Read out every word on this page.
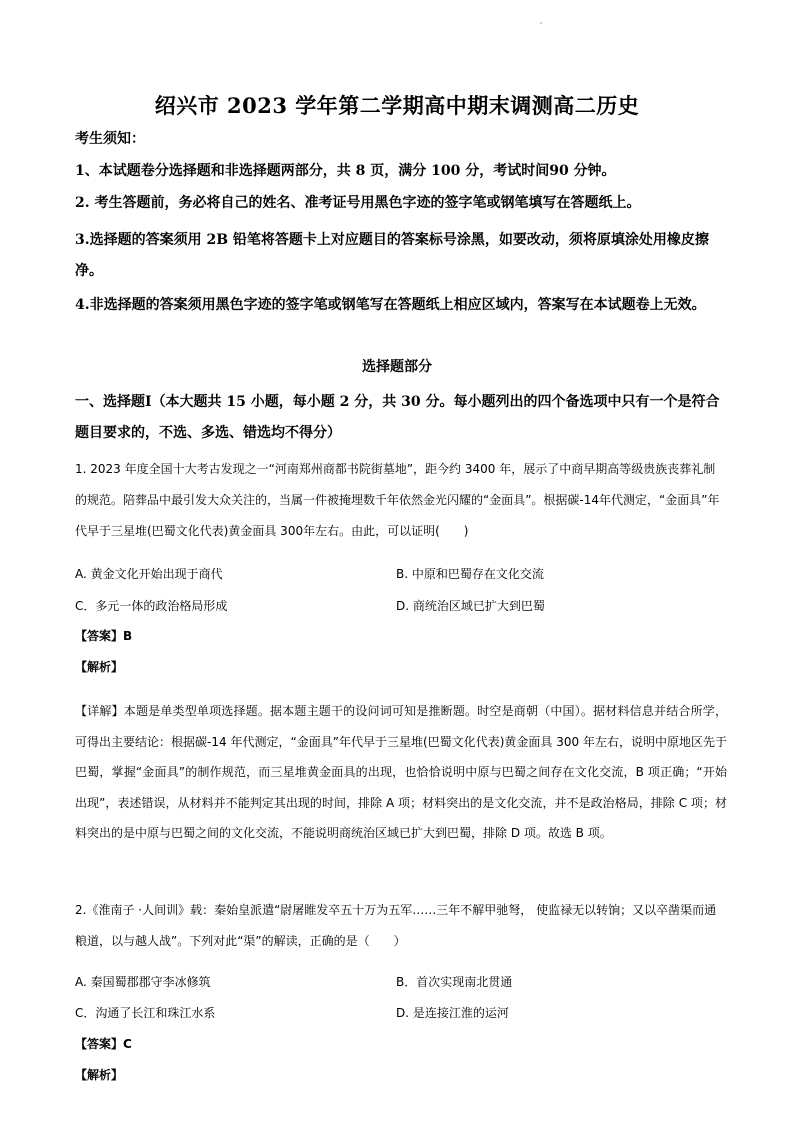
绍兴市 2023 学年第二学期高中期末调测高二历史
考生须知：
1、本试题卷分选择题和非选择题两部分，共 8 页，满分 100 分，考试时间90 分钟。
2. 考生答题前，务必将自己的姓名、准考证号用黑色字迹的签字笔或钢笔填写在答题纸上。
3.选择题的答案须用 2B 铅笔将答题卡上对应题目的答案标号涂黑，如要改动，须将原填涂处用橡皮擦净。
4.非选择题的答案须用黑色字迹的签字笔或钢笔写在答题纸上相应区域内，答案写在本试题卷上无效。
选择题部分
一、选择题Ⅰ（本大题共 15 小题，每小题 2 分，共 30 分。每小题列出的四个备选项中只有一个是符合题目要求的，不选、多选、错选均不得分）
1. 2023 年度全国十大考古发现之一“河南郑州商都书院街墓地”，距今约 3400 年，展示了中商早期高等级贵族丧葬礼制的规范。陪葬品中最引发大众关注的，当属一件被掩埋数千年依然金光闪耀的“金面具”。根据碳-14年代测定，“金面具”年代早于三星堆(巴蜀文化代表)黄金面具 300年左右。由此，可以证明(　　)
A. 黄金文化开始出现于商代	B. 中原和巴蜀存在文化交流
C．多元一体的政治格局形成	D. 商统治区域已扩大到巴蜀
【答案】B
【解析】
【详解】本题是单类型单项选择题。据本题主题干的设问词可知是推断题。时空是商朝（中国）。据材料信息并结合所学，可得出主要结论：根据碳-14 年代测定，“金面具”年代早于三星堆(巴蜀文化代表)黄金面具 300 年左右，说明中原地区先于巴蜀，掌握“金面具”的制作规范，而三星堆黄金面具的出现，也恰恰说明中原与巴蜀之间存在文化交流，B 项正确；“开始出现”，表述错误，从材料并不能判定其出现的时间，排除 A 项；材料突出的是文化交流，并不是政治格局，排除 C 项；材料突出的是中原与巴蜀之间的文化交流，不能说明商统治区域已扩大到巴蜀，排除 D 项。故选 B 项。
2.《淮南子 ·人间训》载：秦始皇派遣“尉屠睢发卒五十万为五军……三年不解甲驰弩， 使监禄无以转饷；又以卒凿渠而通粮道，以与越人战”。下列对此“渠”的解读，正确的是（　　）
A. 秦国蜀郡郡守李冰修筑	B．首次实现南北贯通
C．沟通了长江和珠江水系	D. 是连接江淮的运河
【答案】C
【解析】
